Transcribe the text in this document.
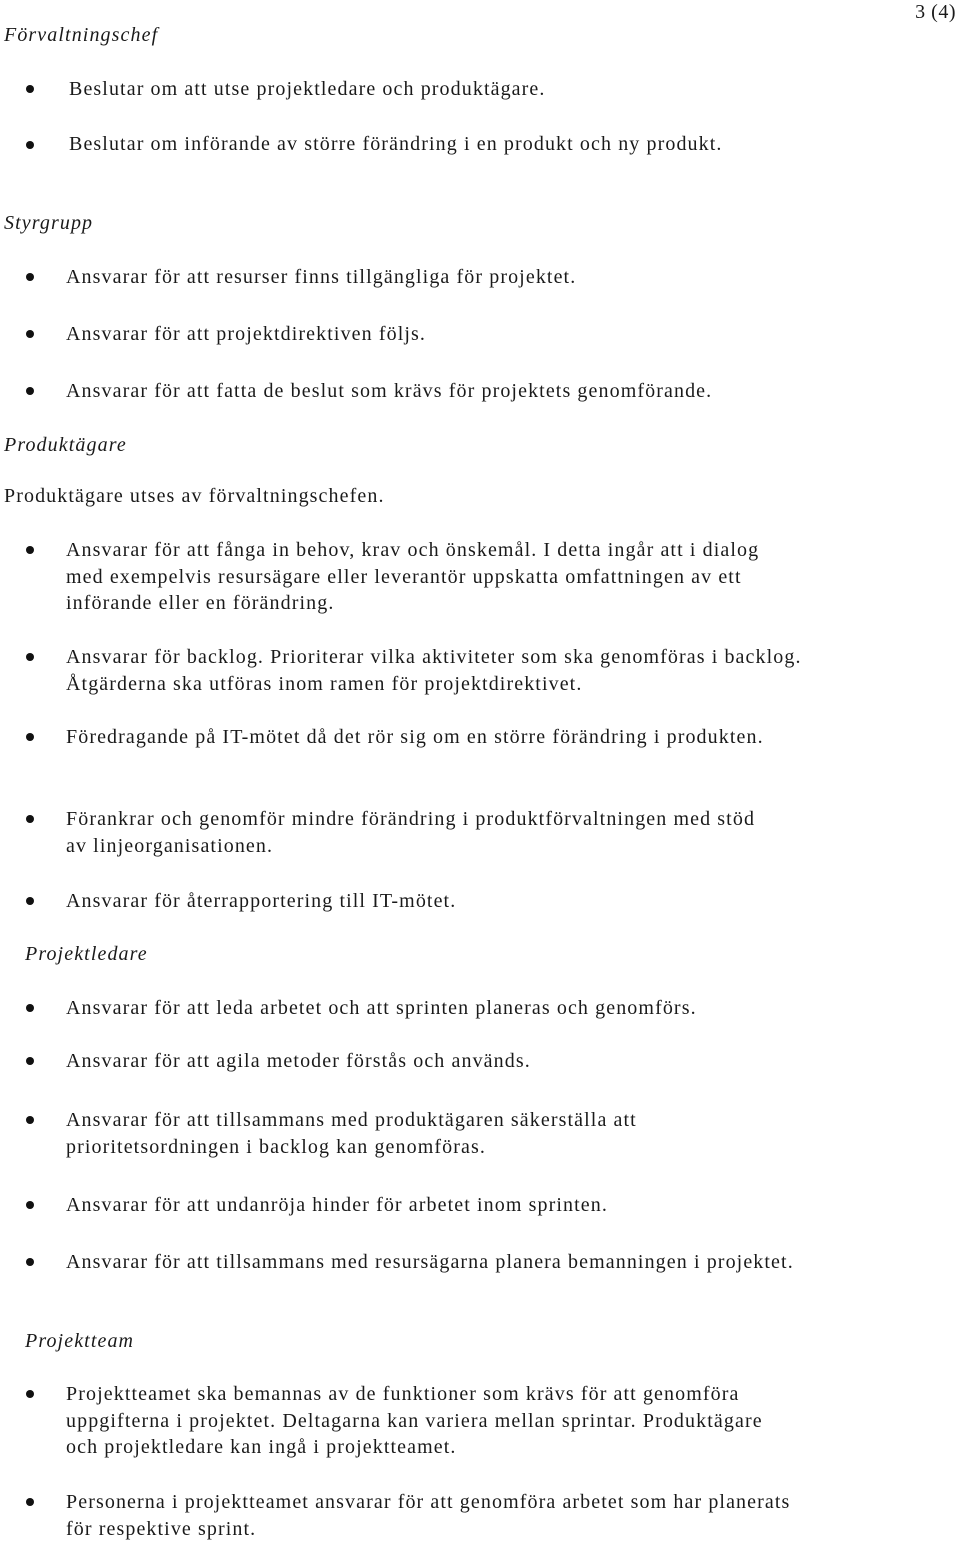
3 (4)
Förvaltningschef
Beslutar om att utse projektledare och produktägare.
Beslutar om införande av större förändring i en produkt och ny produkt.
Styrgrupp
Ansvarar för att resurser finns tillgängliga för projektet.
Ansvarar för att projektdirektiven följs.
Ansvarar för att fatta de beslut som krävs för projektets genomförande.
Produktägare
Produktägare utses av förvaltningschefen.
Ansvarar för att fånga in behov, krav och önskemål. I detta ingår att i dialog med exempelvis resursägare eller leverantör uppskatta omfattningen av ett införande eller en förändring.
Ansvarar för backlog. Prioriterar vilka aktiviteter som ska genomföras i backlog. Åtgärderna ska utföras inom ramen för projektdirektivet.
Föredragande på IT-mötet då det rör sig om en större förändring i produkten.
Förankrar och genomför mindre förändring i produktförvaltningen med stöd av linjeorganisationen.
Ansvarar för återrapportering till IT-mötet.
Projektledare
Ansvarar för att leda arbetet och att sprinten planeras och genomförs.
Ansvarar för att agila metoder förstås och används.
Ansvarar för att tillsammans med produktägaren säkerställa att prioritetsordningen i backlog kan genomföras.
Ansvarar för att undanröja hinder för arbetet inom sprinten.
Ansvarar för att tillsammans med resursägarna planera bemanningen i projektet.
Projektteam
Projektteamet ska bemannas av de funktioner som krävs för att genomföra uppgifterna i projektet. Deltagarna kan variera mellan sprintar. Produktägare och projektledare kan ingå i projektteamet.
Personerna i projektteamet ansvarar för att genomföra arbetet som har planerats för respektive sprint.
